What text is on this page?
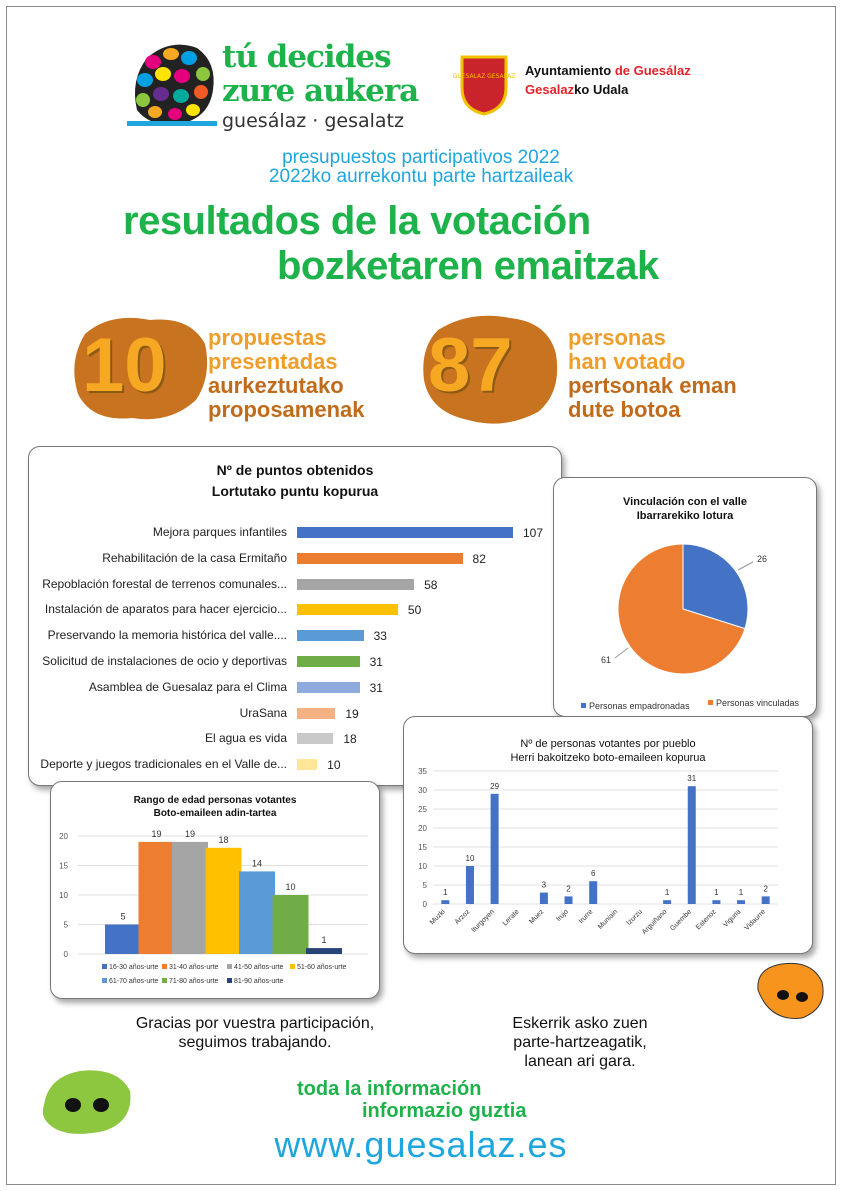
tú decides
zure aukera
guesálaz · gesalatz
GUESALAZ GESALAZ Ayuntamiento de Guesálaz
Gesalazko Udala
presupuestos participativos 2022
2022ko aurrekontu parte hartzaileak
resultados de la votación
bozketaren emaitzak
10 propuestas
presentadas
aurkeztutako
proposamenak
87	personas
han votado
pertsonak eman
dute botoa
Nº de puntos obtenidos
Lortutako puntu kopurua
Mejora parques infantiles	107
Rehabilitación de la casa Ermitaño	82
Repoblación forestal de terrenos comunales...	58
Instalación de aparatos para hacer ejercicio...	50
Preservando la memoria histórica del valle....	33
Solicitud de instalaciones de ocio y deportivas	31
Asamblea de Guesalaz para el Clima	31
UraSana	19
El agua es vida	18
Deporte y juegos tradicionales en el Valle de...	10
Vinculación con el valle
Ibarrarekiko lotura
26
61
Personas empadronadas	Personas vinculadas
Rango de edad personas votantes
Boto-emaileen adin-tartea
0
5
10
15
20
5
19	19
18
14
10
1
16-30 años-urte 31-40 años-urte 41-50 años-urte 51-60 años-urte
61-70 años-urte 71-80 años-urte 81-90 años-urte
Nº de personas votantes por pueblo
Herri bakoitzeko boto-emaileen kopurua
0
5
10
15
20
25
30
35
1
Muzki
10
Arzoz
29
Iturgoyen Lerate
3
Muez
2
Irujo
6
Irurre Muniain Izurzu
1
Arguiñano
31
Guembe
1
Estenoz
1
Viguria
2
Vidaurre
Gracias por vuestra participación,
seguimos trabajando.
Eskerrik asko zuen
parte-hartzeagatik,
lanean ari gara.
toda la información
informazio guztia
www.guesalaz.es
